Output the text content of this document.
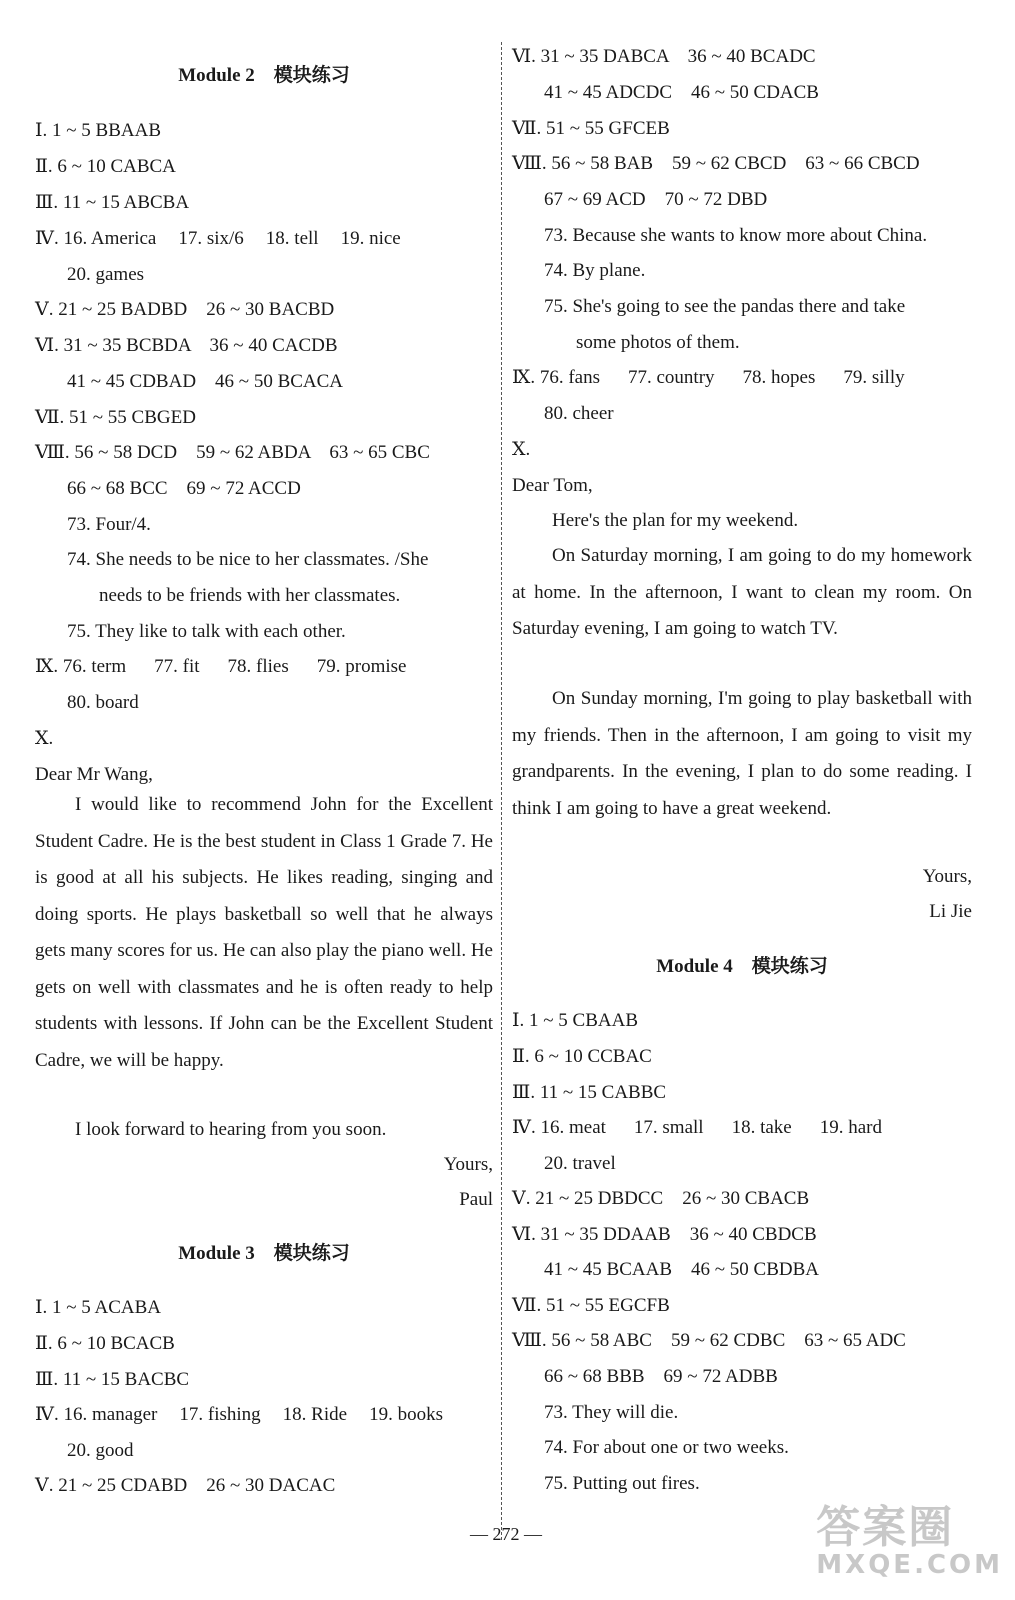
Module 2　模块练习
Ⅰ. 1 ~ 5 BBAAB
Ⅱ. 6 ~ 10 CABCA
Ⅲ. 11 ~ 15 ABCBA
Ⅳ. 16. America 17. six/6 18. tell 19. nice
20. games
Ⅴ. 21 ~ 25 BADBD　26 ~ 30 BACBD
Ⅵ. 31 ~ 35 BCBDA　36 ~ 40 CACDB
41 ~ 45 CDBAD　46 ~ 50 BCACA
Ⅶ. 51 ~ 55 CBGED
Ⅷ. 56 ~ 58 DCD　59 ~ 62 ABDA　63 ~ 65 CBC
66 ~ 68 BCC　69 ~ 72 ACCD
73. Four/4.
74. She needs to be nice to her classmates. /She
needs to be friends with her classmates.
75. They like to talk with each other.
Ⅸ. 76. term 77. fit 78. flies 79. promise
80. board
Ⅹ.
Dear Mr Wang,
I would like to recommend John for the Excellent Student Cadre. He is the best student in Class 1 Grade 7. He is good at all his subjects. He likes reading, singing and doing sports. He plays basketball so well that he always gets many scores for us. He can also play the piano well. He gets on well with classmates and he is often ready to help students with lessons. If John can be the Excellent Student Cadre, we will be happy.
I look forward to hearing from you soon.
Yours,
Paul
Module 3　模块练习
Ⅰ. 1 ~ 5 ACABA
Ⅱ. 6 ~ 10 BCACB
Ⅲ. 11 ~ 15 BACBC
Ⅳ. 16. manager 17. fishing 18. Ride 19. books
20. good
Ⅴ. 21 ~ 25 CDABD　26 ~ 30 DACAC
Ⅵ. 31 ~ 35 DABCA　36 ~ 40 BCADC
41 ~ 45 ADCDC　46 ~ 50 CDACB
Ⅶ. 51 ~ 55 GFCEB
Ⅷ. 56 ~ 58 BAB　59 ~ 62 CBCD　63 ~ 66 CBCD
67 ~ 69 ACD　70 ~ 72 DBD
73. Because she wants to know more about China.
74. By plane.
75. She's going to see the pandas there and take
some photos of them.
Ⅸ. 76. fans 77. country 78. hopes 79. silly
80. cheer
Ⅹ.
Dear Tom,
Here's the plan for my weekend.
On Saturday morning, I am going to do my homework at home. In the afternoon, I want to clean my room. On Saturday evening, I am going to watch TV.
On Sunday morning, I'm going to play basketball with my friends. Then in the afternoon, I am going to visit my grandparents. In the evening, I plan to do some reading. I think I am going to have a great weekend.
Yours,
Li Jie
Module 4　模块练习
Ⅰ. 1 ~ 5 CBAAB
Ⅱ. 6 ~ 10 CCBAC
Ⅲ. 11 ~ 15 CABBC
Ⅳ. 16. meat 17. small 18. take 19. hard
20. travel
Ⅴ. 21 ~ 25 DBDCC　26 ~ 30 CBACB
Ⅵ. 31 ~ 35 DDAAB　36 ~ 40 CBDCB
41 ~ 45 BCAAB　46 ~ 50 CBDBA
Ⅶ. 51 ~ 55 EGCFB
Ⅷ. 56 ~ 58 ABC　59 ~ 62 CDBC　63 ~ 65 ADC
66 ~ 68 BBB　69 ~ 72 ADBB
73. They will die.
74. For about one or two weeks.
75. Putting out fires.
— 272 —	答案圈
MXQE.COM
